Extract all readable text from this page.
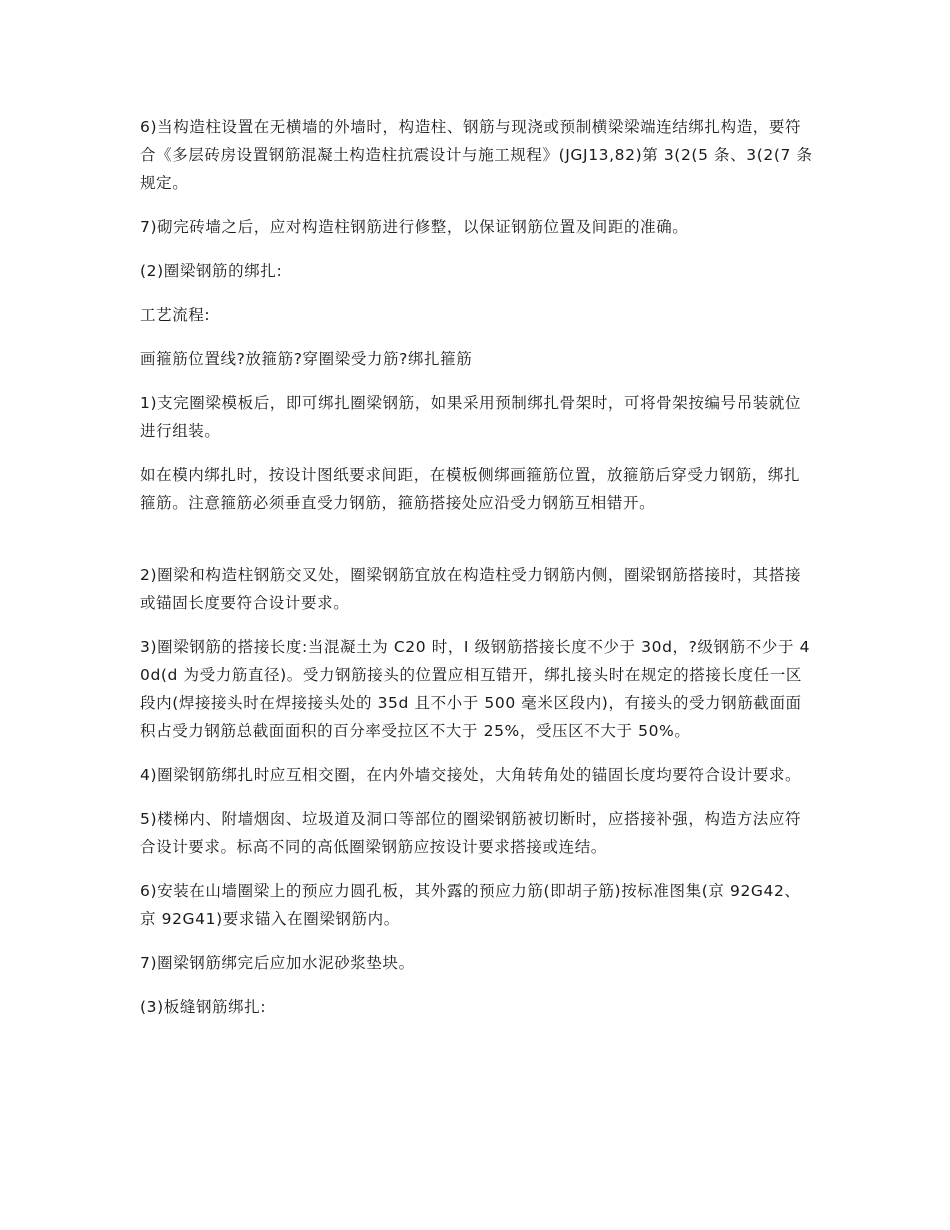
6)当构造柱设置在无横墙的外墙时，构造柱、钢筋与现浇或预制横梁梁端连结绑扎构造，要符合《多层砖房设置钢筋混凝土构造柱抗震设计与施工规程》(JGJ13,82)第 3(2(5 条、3(2(7 条规定。

7)砌完砖墙之后，应对构造柱钢筋进行修整，以保证钢筋位置及间距的准确。

(2)圈梁钢筋的绑扎:

工艺流程:

画箍筋位置线?放箍筋?穿圈梁受力筋?绑扎箍筋

1)支完圈梁模板后，即可绑扎圈梁钢筋，如果采用预制绑扎骨架时，可将骨架按编号吊装就位进行组装。

如在模内绑扎时，按设计图纸要求间距，在模板侧绑画箍筋位置，放箍筋后穿受力钢筋，绑扎箍筋。注意箍筋必须垂直受力钢筋，箍筋搭接处应沿受力钢筋互相错开。

2)圈梁和构造柱钢筋交叉处，圈梁钢筋宜放在构造柱受力钢筋内侧，圈梁钢筋搭接时，其搭接或锚固长度要符合设计要求。

3)圈梁钢筋的搭接长度:当混凝土为 C20 时，I 级钢筋搭接长度不少于 30d，?级钢筋不少于 40d(d 为受力筋直径)。受力钢筋接头的位置应相互错开，绑扎接头时在规定的搭接长度任一区段内(焊接接头时在焊接接头处的 35d 且不小于 500 毫米区段内)，有接头的受力钢筋截面面积占受力钢筋总截面面积的百分率受拉区不大于 25%，受压区不大于 50%。

4)圈梁钢筋绑扎时应互相交圈，在内外墙交接处，大角转角处的锚固长度均要符合设计要求。

5)楼梯内、附墙烟囱、垃圾道及洞口等部位的圈梁钢筋被切断时，应搭接补强，构造方法应符合设计要求。标高不同的高低圈梁钢筋应按设计要求搭接或连结。

6)安装在山墙圈梁上的预应力圆孔板，其外露的预应力筋(即胡子筋)按标准图集(京 92G42、京 92G41)要求锚入在圈梁钢筋内。

7)圈梁钢筋绑完后应加水泥砂浆垫块。

(3)板缝钢筋绑扎:
